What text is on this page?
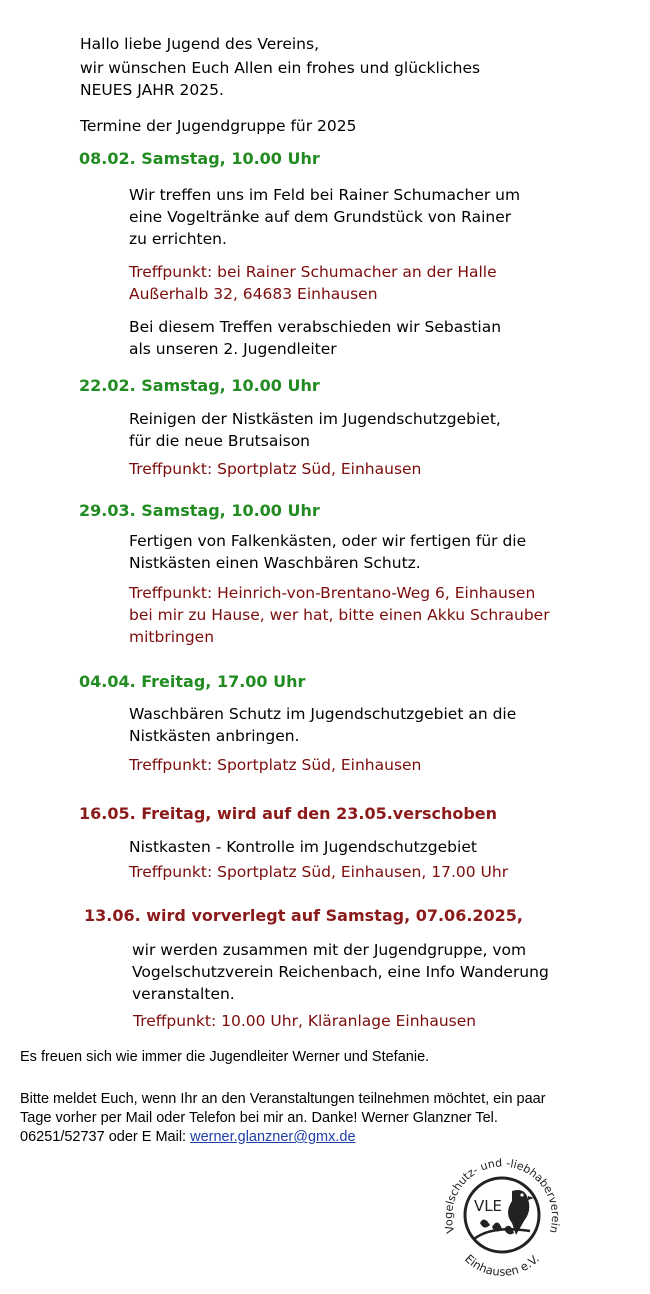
Hallo liebe Jugend des Vereins,
wir wünschen Euch Allen ein frohes und glückliches
NEUES JAHR 2025.
Termine der Jugendgruppe für 2025
08.02. Samstag, 10.00 Uhr
Wir treffen uns im Feld bei Rainer Schumacher um
eine Vogeltränke auf dem Grundstück von Rainer
zu errichten.
Treffpunkt: bei Rainer Schumacher an der Halle
Außerhalb 32, 64683 Einhausen
Bei diesem Treffen verabschieden wir Sebastian
als unseren 2. Jugendleiter
22.02. Samstag, 10.00 Uhr
Reinigen der Nistkästen im Jugendschutzgebiet,
für die neue Brutsaison
Treffpunkt: Sportplatz Süd, Einhausen
29.03. Samstag, 10.00 Uhr
Fertigen von Falkenkästen, oder wir fertigen für die
Nistkästen einen Waschbären Schutz.
Treffpunkt: Heinrich-von-Brentano-Weg 6, Einhausen
bei mir zu Hause, wer hat, bitte einen Akku Schrauber
mitbringen
04.04. Freitag, 17.00 Uhr
Waschbären Schutz im Jugendschutzgebiet an die
Nistkästen anbringen.
Treffpunkt: Sportplatz Süd, Einhausen
16.05. Freitag, wird auf den 23.05.verschoben
Nistkasten - Kontrolle im Jugendschutzgebiet
Treffpunkt: Sportplatz Süd, Einhausen, 17.00 Uhr
13.06. wird vorverlegt auf Samstag, 07.06.2025,
wir werden zusammen mit der Jugendgruppe, vom
Vogelschutzverein Reichenbach, eine Info Wanderung
veranstalten.
Treffpunkt: 10.00 Uhr, Kläranlage Einhausen
Es freuen sich wie immer die Jugendleiter Werner und Stefanie.
Bitte meldet Euch, wenn Ihr an den Veranstaltungen teilnehmen möchtet, ein paar
Tage vorher per Mail oder Telefon bei mir an. Danke! Werner Glanzner Tel.
06251/52737 oder E Mail: werner.glanzner@gmx.de
Vogelschutz- und -liebhaberverein
Einhausen e.V.
VLE
